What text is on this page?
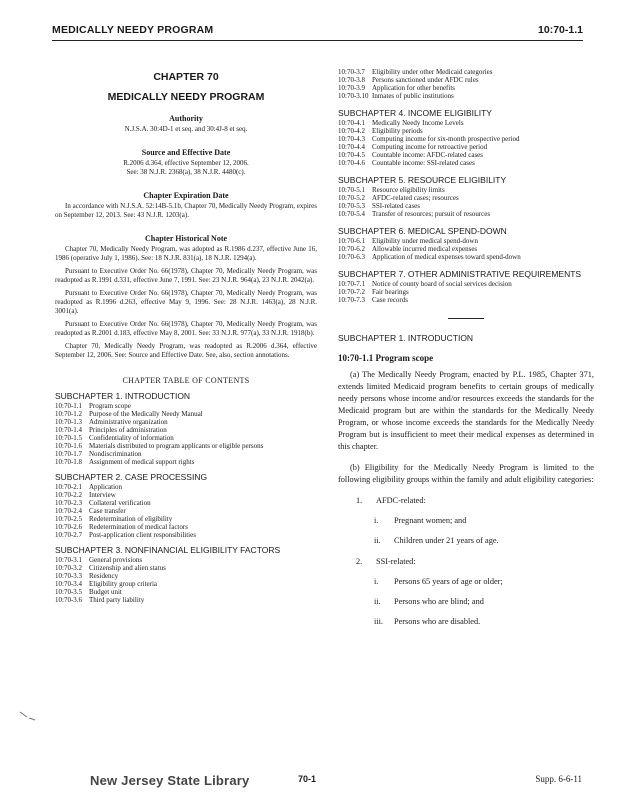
MEDICALLY NEEDY PROGRAM	10:70-1.1

CHAPTER 70

MEDICALLY NEEDY PROGRAM

Authority

N.J.S.A. 30:4D-1 et seq. and 30:4J-8 et seq.

Source and Effective Date

R.2006 d.364, effective September 12, 2006.

See: 38 N.J.R. 2368(a), 38 N.J.R. 4480(c).

Chapter Expiration Date

In accordance with N.J.S.A. 52:14B-5.1b, Chapter 70, Medically Needy Program, expires on September 12, 2013. See: 43 N.J.R. 1203(a).

Chapter Historical Note

Chapter 70, Medically Needy Program, was adopted as R.1986 d.237, effective June 16, 1986 (operative July 1, 1986). See: 18 N.J.R. 831(a), 18 N.J.R. 1294(a).

Pursuant to Executive Order No. 66(1978), Chapter 70, Medically Needy Program, was readopted as R.1991 d.331, effective June 7, 1991. See: 23 N.J.R. 964(a), 23 N.J.R. 2042(a).

Pursuant to Executive Order No. 66(1978), Chapter 70, Medically Needy Program, was readopted as R.1996 d.263, effective May 9, 1996. See: 28 N.J.R. 1463(a), 28 N.J.R. 3001(a).

Pursuant to Executive Order No. 66(1978), Chapter 70, Medically Needy Program, was readopted as R.2001 d.183, effective May 8, 2001. See: 33 N.J.R. 977(a), 33 N.J.R. 1918(b).

Chapter 70, Medically Needy Program, was readopted as R.2006 d.364, effective September 12, 2006. See: Source and Effective Date. See, also, section annotations.

CHAPTER TABLE OF CONTENTS

SUBCHAPTER 1. INTRODUCTION

10:70-1.1 Program scope
10:70-1.2 Purpose of the Medically Needy Manual
10:70-1.3 Administrative organization
10:70-1.4 Principles of administration
10:70-1.5 Confidentiality of information
10:70-1.6 Materials distributed to program applicants or eligible persons
10:70-1.7 Nondiscrimination
10:70-1.8 Assignment of medical support rights

SUBCHAPTER 2. CASE PROCESSING

10:70-2.1 Application
10:70-2.2 Interview
10:70-2.3 Collateral verification
10:70-2.4 Case transfer
10:70-2.5 Redetermination of eligibility
10:70-2.6 Redetermination of medical factors
10:70-2.7 Post-application client responsibilities

SUBCHAPTER 3. NONFINANCIAL ELIGIBILITY FACTORS

10:70-3.1 General provisions
10:70-3.2 Citizenship and alien status
10:70-3.3 Residency
10:70-3.4 Eligibility group criteria
10:70-3.5 Budget unit
10:70-3.6 Third party liability
10:70-3.7 Eligibility under other Medicaid categories
10:70-3.8 Persons sanctioned under AFDC rules
10:70-3.9 Application for other benefits
10:70-3.10 Inmates of public institutions

SUBCHAPTER 4. INCOME ELIGIBILITY

10:70-4.1 Medically Needy Income Levels
10:70-4.2 Eligibility periods
10:70-4.3 Computing income for six-month prospective period
10:70-4.4 Computing income for retroactive period
10:70-4.5 Countable income: AFDC-related cases
10:70-4.6 Countable income: SSI-related cases

SUBCHAPTER 5. RESOURCE ELIGIBILITY

10:70-5.1 Resource eligibility limits
10:70-5.2 AFDC-related cases; resources
10:70-5.3 SSI-related cases
10:70-5.4 Transfer of resources; pursuit of resources

SUBCHAPTER 6. MEDICAL SPEND-DOWN

10:70-6.1 Eligibility under medical spend-down
10:70-6.2 Allowable incurred medical expenses
10:70-6.3 Application of medical expenses toward spend-down

SUBCHAPTER 7. OTHER ADMINISTRATIVE REQUIREMENTS

10:70-7.1 Notice of county board of social services decision
10:70-7.2 Fair hearings
10:70-7.3 Case records

SUBCHAPTER 1. INTRODUCTION

10:70-1.1 Program scope

(a) The Medically Needy Program, enacted by P.L. 1985, Chapter 371, extends limited Medicaid program benefits to certain groups of medically needy persons whose income and/or resources exceeds the standards for the Medicaid program but are within the standards for the Medically Needy Program, or whose income exceeds the standards for the Medically Needy Program but is insufficient to meet their medical expenses as determined in this chapter.

(b) Eligibility for the Medically Needy Program is limited to the following eligibility groups within the family and adult eligibility categories:

1. AFDC-related:
i. Pregnant women; and
ii. Children under 21 years of age.
2. SSI-related:
i. Persons 65 years of age or older;
ii. Persons who are blind; and
iii. Persons who are disabled.
New Jersey State Library	70-1	Supp. 6-6-11
